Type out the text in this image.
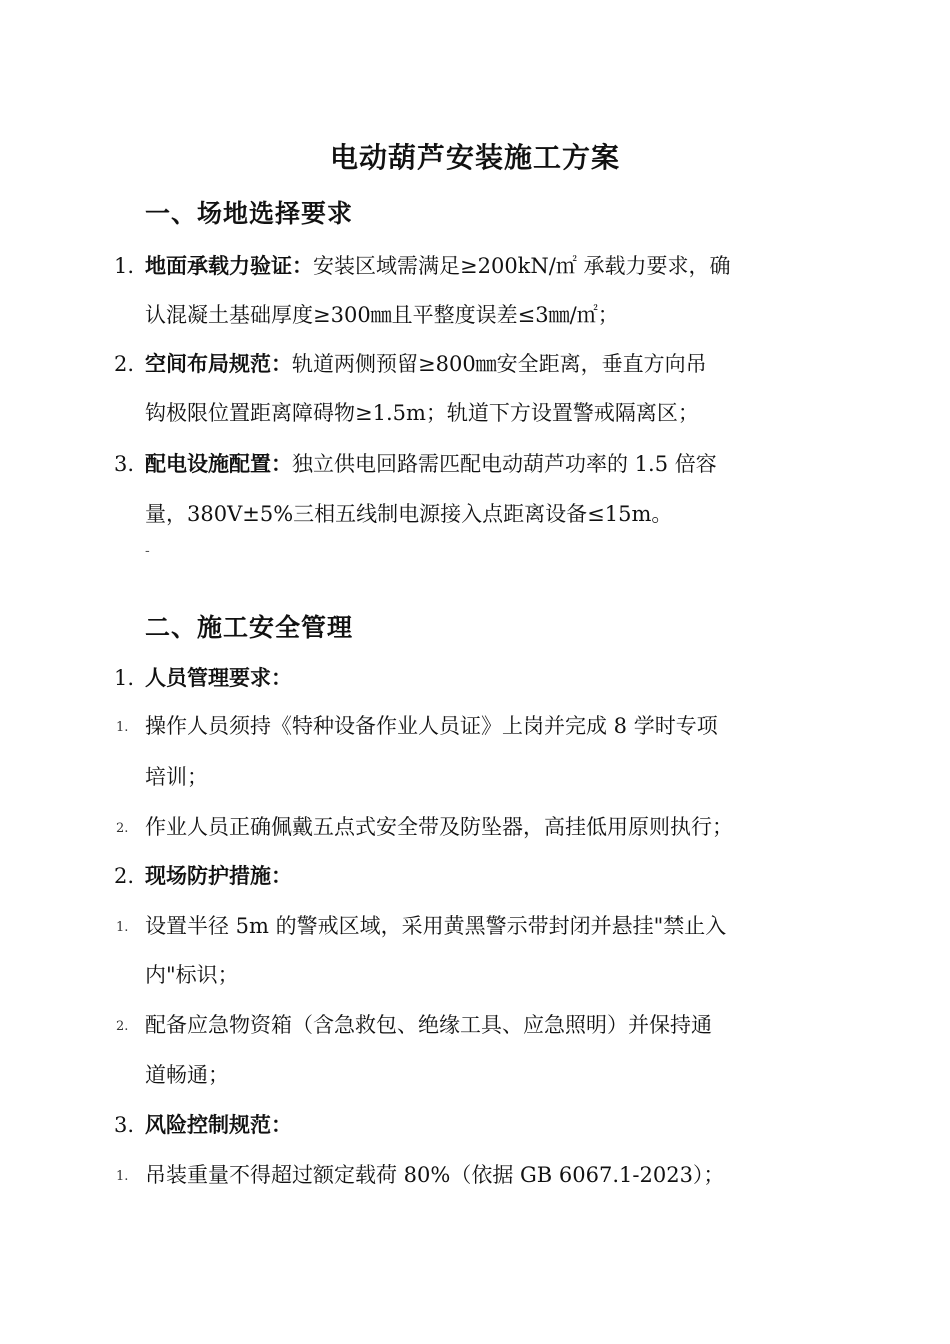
电动葫芦安装施工方案
一、场地选择要求
1. 地面承载力验证：安装区域需满足≥200kN/㎡ 承载力要求，确
认混凝土基础厚度≥300㎜且平整度误差≤3㎜/㎡；
2. 空间布局规范：轨道两侧预留≥800㎜安全距离，垂直方向吊
钩极限位置距离障碍物≥1.5m；轨道下方设置警戒隔离区；
3. 配电设施配置：独立供电回路需匹配电动葫芦功率的 1.5 倍容
量，380V±5%三相五线制电源接入点距离设备≤15m。
-
二、施工安全管理
1. 人员管理要求：
1. 操作人员须持《特种设备作业人员证》上岗并完成 8 学时专项
培训；
2. 作业人员正确佩戴五点式安全带及防坠器，高挂低用原则执行；
2. 现场防护措施：
1. 设置半径 5m 的警戒区域，采用黄黑警示带封闭并悬挂"禁止入
内"标识；
2. 配备应急物资箱（含急救包、绝缘工具、应急照明）并保持通
道畅通；
3. 风险控制规范：
1. 吊装重量不得超过额定载荷 80%（依据 GB 6067.1-2023）；
